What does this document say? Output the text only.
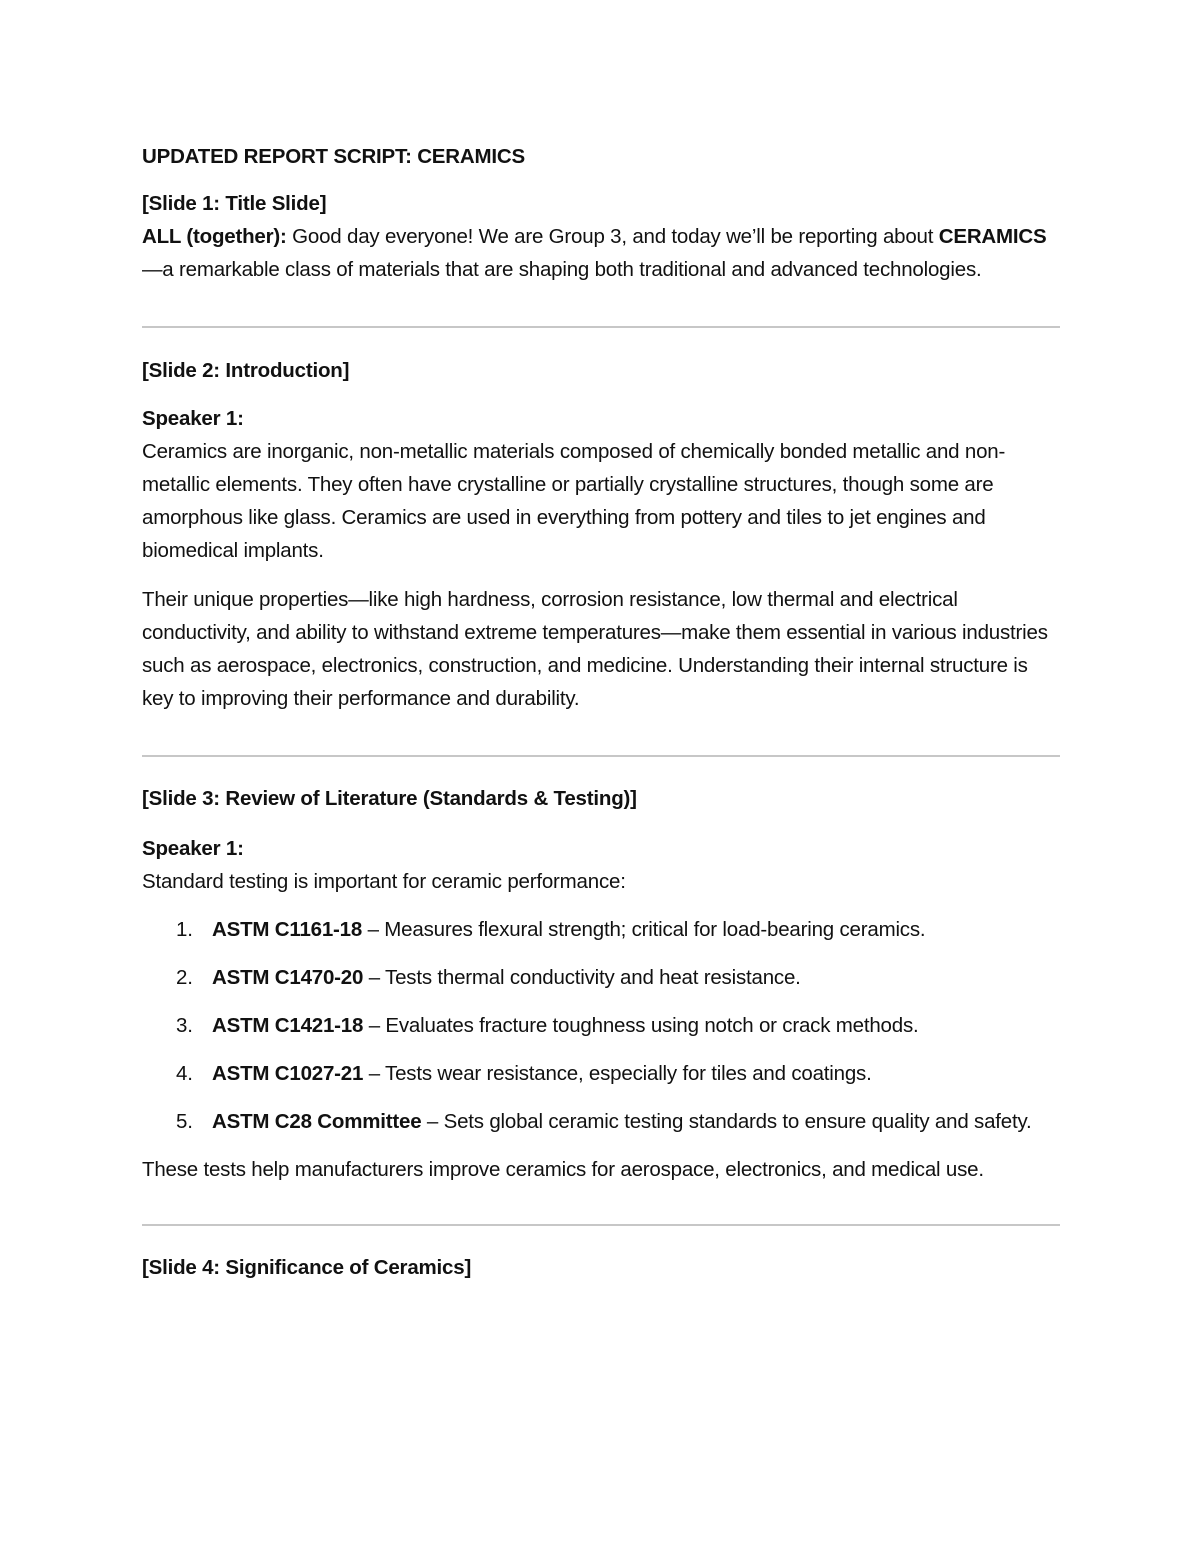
UPDATED REPORT SCRIPT: CERAMICS

[Slide 1: Title Slide]

ALL (together): Good day everyone! We are Group 3, and today we’ll be reporting about CERAMICS—a remarkable class of materials that are shaping both traditional and advanced technologies.

[Slide 2: Introduction]

Speaker 1:

Ceramics are inorganic, non-metallic materials composed of chemically bonded metallic and non-metallic elements. They often have crystalline or partially crystalline structures, though some are amorphous like glass. Ceramics are used in everything from pottery and tiles to jet engines and biomedical implants.

Their unique properties—like high hardness, corrosion resistance, low thermal and electrical conductivity, and ability to withstand extreme temperatures—make them essential in various industries such as aerospace, electronics, construction, and medicine. Understanding their internal structure is key to improving their performance and durability.

[Slide 3: Review of Literature (Standards & Testing)]

Speaker 1:

Standard testing is important for ceramic performance:

1. ASTM C1161-18 – Measures flexural strength; critical for load-bearing ceramics.
2. ASTM C1470-20 – Tests thermal conductivity and heat resistance.
3. ASTM C1421-18 – Evaluates fracture toughness using notch or crack methods.
4. ASTM C1027-21 – Tests wear resistance, especially for tiles and coatings.
5. ASTM C28 Committee – Sets global ceramic testing standards to ensure quality and safety.

These tests help manufacturers improve ceramics for aerospace, electronics, and medical use.

[Slide 4: Significance of Ceramics]
